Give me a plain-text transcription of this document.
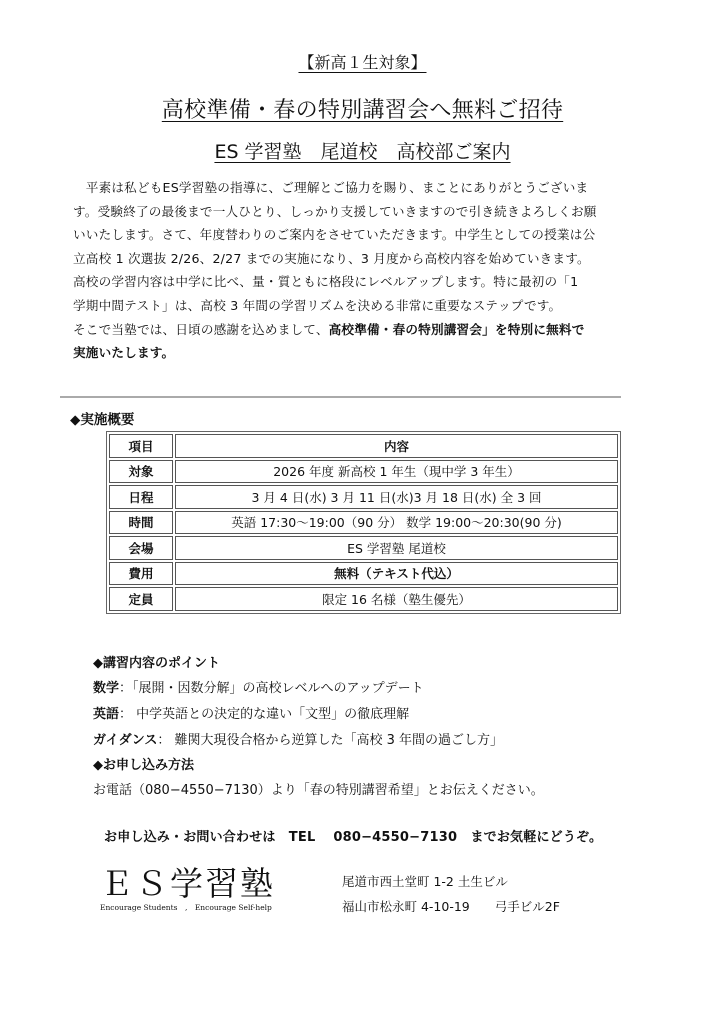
【新高１生対象】
高校準備・春の特別講習会へ無料ご招待
ES 学習塾　尾道校　高校部ご案内

　平素は私どもES学習塾の指導に、ご理解とご協力を賜り、まことにありがとうございま

す。受験終了の最後まで一人ひとり、しっかり支援していきますので引き続きよろしくお願

いいたします。さて、年度替わりのご案内をさせていただきます。中学生としての授業は公

立高校 1 次選抜 2/26、2/27 までの実施になり、3 月度から高校内容を始めていきます。

高校の学習内容は中学に比べ、量・質ともに格段にレベルアップします。特に最初の「1

学期中間テスト」は、高校 3 年間の学習リズムを決める非常に重要なステップです。

そこで当塾では、日頃の感謝を込めまして、高校準備・春の特別講習会」を特別に無料で

実施いたします。

◆実施概要
項目	内容
対象	2026 年度 新高校 1 年生（現中学 3 年生）
日程	3 月 4 日(水) 3 月 11 日(水)3 月 18 日(水) 全 3 回
時間	英語 17:30～19:00（90 分） 数学 19:00～20:30(90 分)
会場	ES 学習塾 尾道校
費用	無料（テキスト代込）
定員	限定 16 名様（塾生優先）
◆講習内容のポイント
数学：「展開・因数分解」の高校レベルへのアップデート
英語： 中学英語との決定的な違い「文型」の徹底理解
ガイダンス： 難関大現役合格から逆算した「高校 3 年間の過ごし方」
◆お申し込み方法
お電話（080−4550−7130）より「春の特別講習希望」とお伝えください。
お申し込み・お問い合わせは　TEL　 080−4550−7130　までお気軽にどうぞ。
ＥＳ学習塾
Encourage Students　,　Encourage Self-help
尾道市西土堂町 1-2 土生ビル
福山市松永町 4-10-19　　弓手ビル2F
